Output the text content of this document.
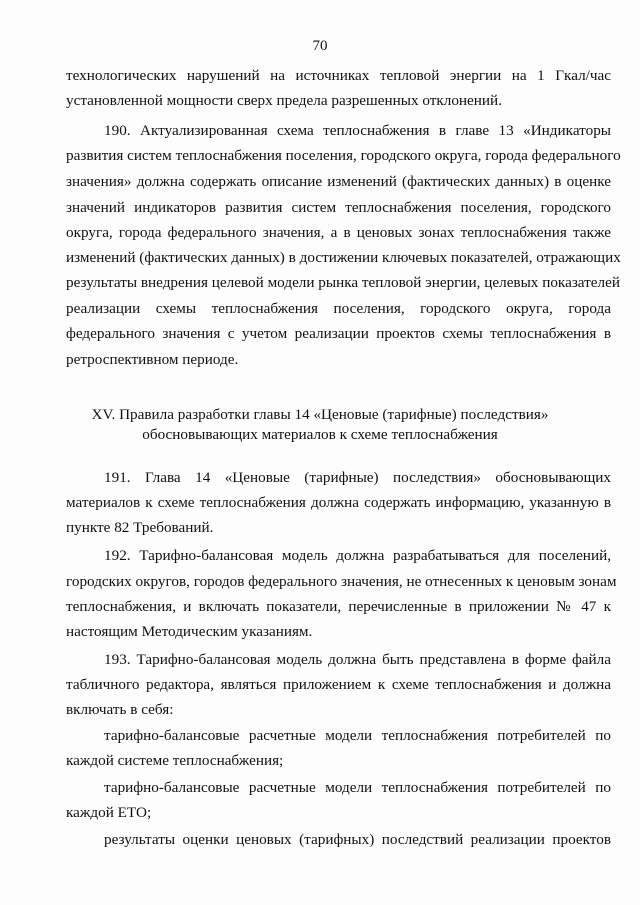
70
технологических нарушений на источниках тепловой энергии на 1 Гкал/час
установленной мощности сверх предела разрешенных отклонений.
190. Актуализированная схема теплоснабжения в главе 13 «Индикаторы
развития систем теплоснабжения поселения, городского округа, города федерального
значения» должна содержать описание изменений (фактических данных) в оценке
значений индикаторов развития систем теплоснабжения поселения, городского
округа, города федерального значения, а в ценовых зонах теплоснабжения также
изменений (фактических данных) в достижении ключевых показателей, отражающих
результаты внедрения целевой модели рынка тепловой энергии, целевых показателей
реализации схемы теплоснабжения поселения, городского округа, города
федерального значения с учетом реализации проектов схемы теплоснабжения в
ретроспективном периоде.
XV. Правила разработки главы 14 «Ценовые (тарифные) последствия»
обосновывающих материалов к схеме теплоснабжения
191. Глава 14 «Ценовые (тарифные) последствия» обосновывающих
материалов к схеме теплоснабжения должна содержать информацию, указанную в
пункте 82 Требований.
192. Тарифно-балансовая модель должна разрабатываться для поселений,
городских округов, городов федерального значения, не отнесенных к ценовым зонам
теплоснабжения, и включать показатели, перечисленные в приложении № 47 к
настоящим Методическим указаниям.
193. Тарифно-балансовая модель должна быть представлена в форме файла
табличного редактора, являться приложением к схеме теплоснабжения и должна
включать в себя:
тарифно-балансовые расчетные модели теплоснабжения потребителей по
каждой системе теплоснабжения;
тарифно-балансовые расчетные модели теплоснабжения потребителей по
каждой ЕТО;
результаты оценки ценовых (тарифных) последствий реализации проектов
